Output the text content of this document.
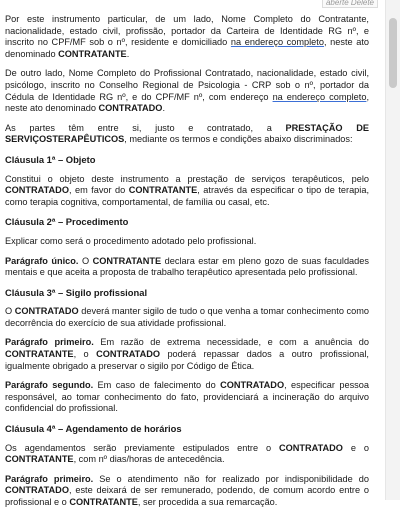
aberte Delete

Por este instrumento particular, de um lado, Nome Completo do Contratante, nacionalidade, estado civil, profissão, portador da Carteira de Identidade RG nº, e inscrito no CPF/MF sob o nº, residente e domiciliado na endereço completo, neste ato denominado CONTRATANTE.

De outro lado, Nome Completo do Profissional Contratado, nacionalidade, estado civil, psicólogo, inscrito no Conselho Regional de Psicologia - CRP sob o nº, portador da Cédula de Identidade RG nº, e do CPF/MF nº, com endereço na endereço completo, neste ato denominado CONTRATADO.

As partes têm entre si, justo e contratado, a PRESTAÇÃO DE SERVIÇOSTERAPÊUTICOS, mediante os termos e condições abaixo discriminados:

Cláusula 1ª – Objeto

Constitui o objeto deste instrumento a prestação de serviços terapêuticos, pelo CONTRATADO, em favor do CONTRATANTE, através da especificar o tipo de terapia, como terapia cognitiva, comportamental, de família ou casal, etc.

Cláusula 2ª – Procedimento

Explicar como será o procedimento adotado pelo profissional.

Parágrafo único. O CONTRATANTE declara estar em pleno gozo de suas faculdades mentais e que aceita a proposta de trabalho terapêutico apresentada pelo profissional.

Cláusula 3ª – Sigilo profissional

O CONTRATADO deverá manter sigilo de tudo o que venha a tomar conhecimento como decorrência do exercício de sua atividade profissional.

Parágrafo primeiro. Em razão de extrema necessidade, e com a anuência do CONTRATANTE, o CONTRATADO poderá repassar dados a outro profissional, igualmente obrigado a preservar o sigilo por Código de Ética.

Parágrafo segundo. Em caso de falecimento do CONTRATADO, especificar pessoa responsável, ao tomar conhecimento do fato, providenciará a incineração do arquivo confidencial do profissional.

Cláusula 4ª – Agendamento de horários

Os agendamentos serão previamente estipulados entre o CONTRATADO e o CONTRATANTE, com nº dias/horas de antecedência.

Parágrafo primeiro. Se o atendimento não for realizado por indisponibilidade do CONTRATADO, este deixará de ser remunerado, podendo, de comum acordo entre o profissional e o CONTRATANTE, ser procedida a sua remarcação.
